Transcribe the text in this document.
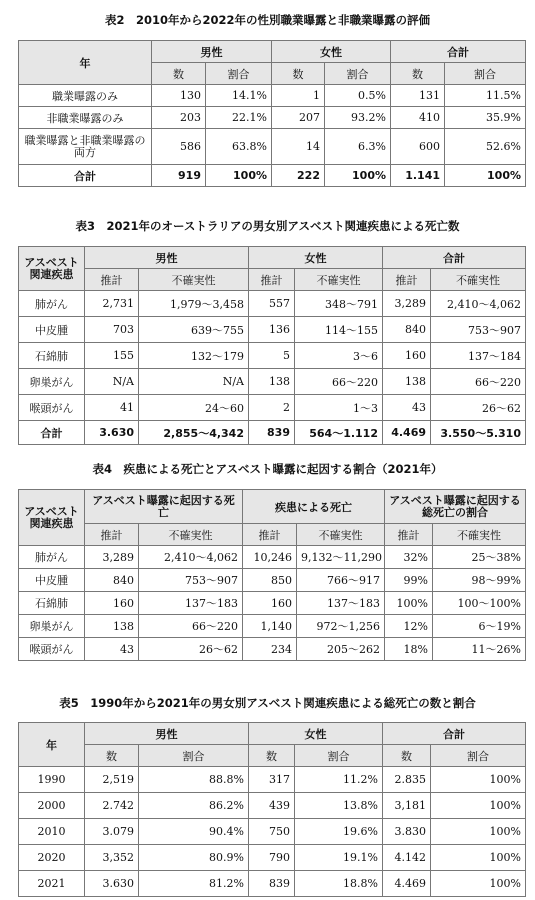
表2　2010年から2022年の性別職業曝露と非職業曝露の評価
年	男性		女性		合計	
	数	割合	数	割合	数	割合
職業曝露のみ	130	14.1%	1	0.5%	131	11.5%
非職業曝露のみ	203	22.1%	207	93.2%	410	35.9%
職業曝露と非職業曝露の両方	586	63.8%	14	6.3%	600	52.6%
合計	919	100%	222	100%	1.141	100%
表3　2021年のオーストラリアの男女別アスベスト関連疾患による死亡数
アスベスト関連疾患	男性		女性		合計	
	推計	不確実性	推計	不確実性	推計	不確実性
肺がん	2,731	1,979～3,458	557	348～791	3,289	2,410～4,062
中皮腫	703	639～755	136	114～155	840	753～907
石綿肺	155	132～179	5	3～6	160	137～184
卵巣がん	N/A	N/A	138	66～220	138	66～220
喉頭がん	41	24～60	2	1～3	43	26～62
合計	3.630	2,855～4,342	839	564～1.112	4.469	3.550～5.310
表4　疾患による死亡とアスベスト曝露に起因する割合（2021年）
アスベスト関連疾患	アスベスト曝露に起因する死亡		疾患による死亡		アスベスト曝露に起因する総死亡の割合	
	推計	不確実性	推計	不確実性	推計	不確実性
肺がん	3,289	2,410～4,062	10,246	9,132～11,290	32%	25～38%
中皮腫	840	753～907	850	766～917	99%	98～99%
石綿肺	160	137～183	160	137～183	100%	100～100%
卵巣がん	138	66～220	1,140	972～1,256	12%	6～19%
喉頭がん	43	26～62	234	205～262	18%	11～26%
表5　1990年から2021年の男女別アスベスト関連疾患による総死亡の数と割合
年	男性		女性		合計	
	数	割合	数	割合	数	割合
1990	2,519	88.8%	317	11.2%	2.835	100%
2000	2.742	86.2%	439	13.8%	3,181	100%
2010	3.079	90.4%	750	19.6%	3.830	100%
2020	3,352	80.9%	790	19.1%	4.142	100%
2021	3.630	81.2%	839	18.8%	4.469	100%
